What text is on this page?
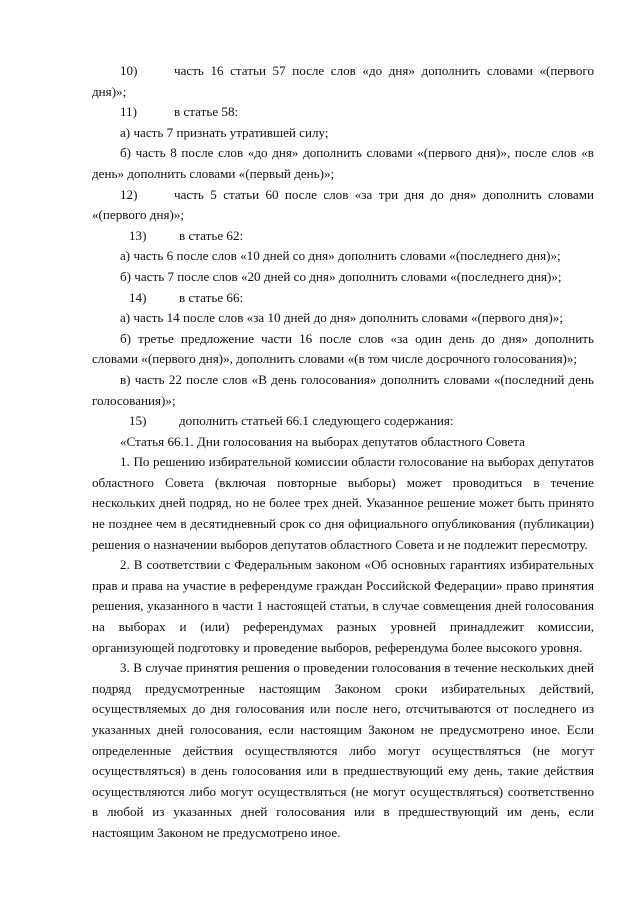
10)	часть 16 статьи 57 после слов «до дня» дополнить словами «(первого дня)»;

11)	в статье 58:

а) часть 7 признать утратившей силу;

б) часть 8 после слов «до дня» дополнить словами «(первого дня)», после слов «в день» дополнить словами «(первый день)»;

12)	часть 5 статьи 60 после слов «за три дня до дня» дополнить словами «(первого дня)»;

13) в статье 62:

а) часть 6 после слов «10 дней со дня» дополнить словами «(последнего дня)»;

б) часть 7 после слов «20 дней со дня» дополнить словами «(последнего дня)»;

14) в статье 66:

а) часть 14 после слов «за 10 дней до дня» дополнить словами «(первого дня)»;

б) третье предложение части 16 после слов «за один день до дня» дополнить словами «(первого дня)», дополнить словами «(в том числе досрочного голосования)»;

в) часть 22 после слов «В день голосования» дополнить словами «(последний день голосования)»;

15) дополнить статьей 66.1 следующего содержания:

«Статья 66.1. Дни голосования на выборах депутатов областного Совета

1. По решению избирательной комиссии области голосование на выборах депутатов областного Совета (включая повторные выборы) может проводиться в течение нескольких дней подряд, но не более трех дней. Указанное решение может быть принято не позднее чем в десятидневный срок со дня официального опубликования (публикации) решения о назначении выборов депутатов областного Совета и не подлежит пересмотру.

2. В соответствии с Федеральным законом «Об основных гарантиях избирательных прав и права на участие в референдуме граждан Российской Федерации» право принятия решения, указанного в части 1 настоящей статьи, в случае совмещения дней голосования на выборах и (или) референдумах разных уровней принадлежит комиссии, организующей подготовку и проведение выборов, референдума более высокого уровня.

3. В случае принятия решения о проведении голосования в течение нескольких дней подряд предусмотренные настоящим Законом сроки избирательных действий, осуществляемых до дня голосования или после него, отсчитываются от последнего из указанных дней голосования, если настоящим Законом не предусмотрено иное. Если определенные действия осуществляются либо могут осуществляться (не могут осуществляться) в день голосования или в предшествующий ему день, такие действия осуществляются либо могут осуществляться (не могут осуществляться) соответственно в любой из указанных дней голосования или в предшествующий им день, если настоящим Законом не предусмотрено иное.
